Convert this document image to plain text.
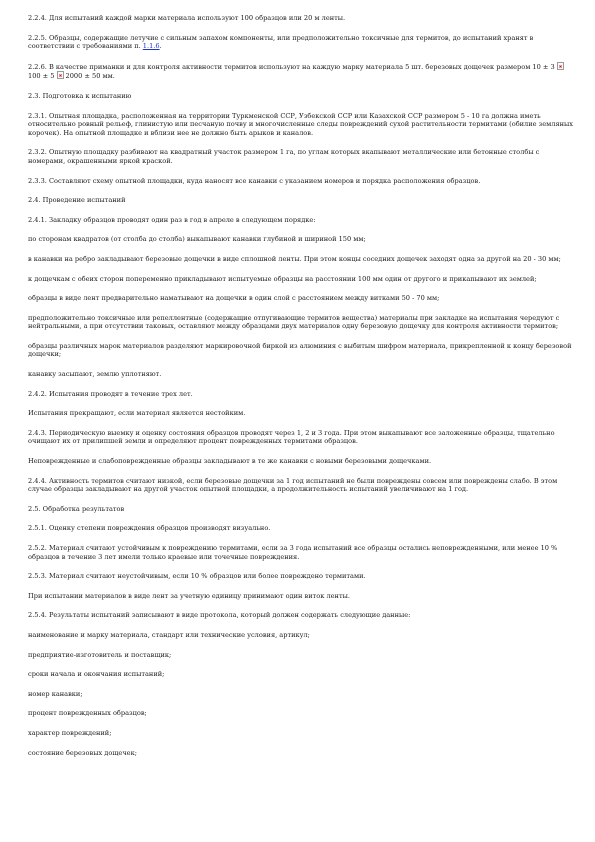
2.2.4. Для испытаний каждой марки материала используют 100 образцов или 20 м ленты.

2.2.5. Образцы, содержащие летучие с сильным запахом компоненты, или предположительно токсичные для термитов, до испытаний хранят в соответствии с требованиями п. 1.1.6.

2.2.6. В качестве приманки и для контроля активности термитов используют на каждую марку материала 5 шт. березовых дощечек размером 10 ± 3100 ± 5 2000 ± 50 мм.

2.3. Подготовка к испытанию

2.3.1. Опытная площадка, расположенная на территории Туркменской ССР, Узбекской ССР или Казахской ССР размером 5 - 10 га должна иметь относительно ровный рельеф, глинистую или песчаную почву и многочисленные следы повреждений сухой растительности термитами (обилие земляных корочек). На опытной площадке и вблизи нее не должно быть арыков и каналов.

2.3.2. Опытную площадку разбивают на квадратный участок размером 1 га, по углам которых вкапывают металлические или бетонные столбы с номерами, окрашенными яркой краской.

2.3.3. Составляют схему опытной площадки, куда наносят все канавки с указанием номеров и порядка расположения образцов.

2.4. Проведение испытаний

2.4.1. Закладку образцов проводят один раз в год в апреле в следующем порядке:

по сторонам квадратов (от столба до столба) выкапывают канавки глубиной и шириной 150 мм;

в канавки на ребро закладывают березовые дощечки в виде сплошной ленты. При этом концы соседних дощечек заходят одна за другой на 20 - 30 мм;

к дощечкам с обеих сторон попеременно прикладывают испытуемые образцы на расстоянии 100 мм один от другого и прикапывают их землей;

образцы в виде лент предварительно наматывают на дощечки в один слой с расстоянием между витками 50 - 70 мм;

предположительно токсичные или репеллентные (содержащие отпугивающие термитов вещества) материалы при закладке на испытания чередуют с нейтральными, а при отсутствии таковых, оставляют между образцами двух материалов одну березовую дощечку для контроля активности термитов;

образцы различных марок материалов разделяют маркировочной биркой из алюминия с выбитым шифром материала, прикрепленной к концу березовой дощечки;

канавку засыпают, землю уплотняют.

2.4.2. Испытания проводят в течение трех лет.

Испытания прекращают, если материал является нестойким.

2.4.3. Периодическую выемку и оценку состояния образцов проводят через 1, 2 и 3 года. При этом выкапывают все заложенные образцы, тщательно очищают их от прилипшей земли и определяют процент поврежденных термитами образцов.

Неповрежденные и слабоповрежденные образцы закладывают в те же канавки с новыми березовыми дощечками.

2.4.4. Активность термитов считают низкой, если березовые дощечки за 1 год испытаний не были повреждены совсем или повреждены слабо. В этом случае образцы закладывают на другой участок опытной площадки, а продолжительность испытаний увеличивают на 1 год.

2.5. Обработка результатов

2.5.1. Оценку степени повреждения образцов производят визуально.

2.5.2. Материал считают устойчивым к повреждению термитами, если за 3 года испытаний все образцы остались неповрежденными, или менее 10 % образцов в течение 3 лет имели только краевые или точечные повреждения.

2.5.3. Материал считают неустойчивым, если 10 % образцов или более повреждено термитами.

При испытании материалов в виде лент за учетную единицу принимают один виток ленты.

2.5.4. Результаты испытаний записывают в виде протокола, который должен содержать следующие данные:

наименование и марку материала, стандарт или технические условия, артикул;

предприятие-изготовитель и поставщик;

сроки начала и окончания испытаний;

номер канавки;

процент поврежденных образцов;

характер повреждений;

состояние березовых дощечек;
